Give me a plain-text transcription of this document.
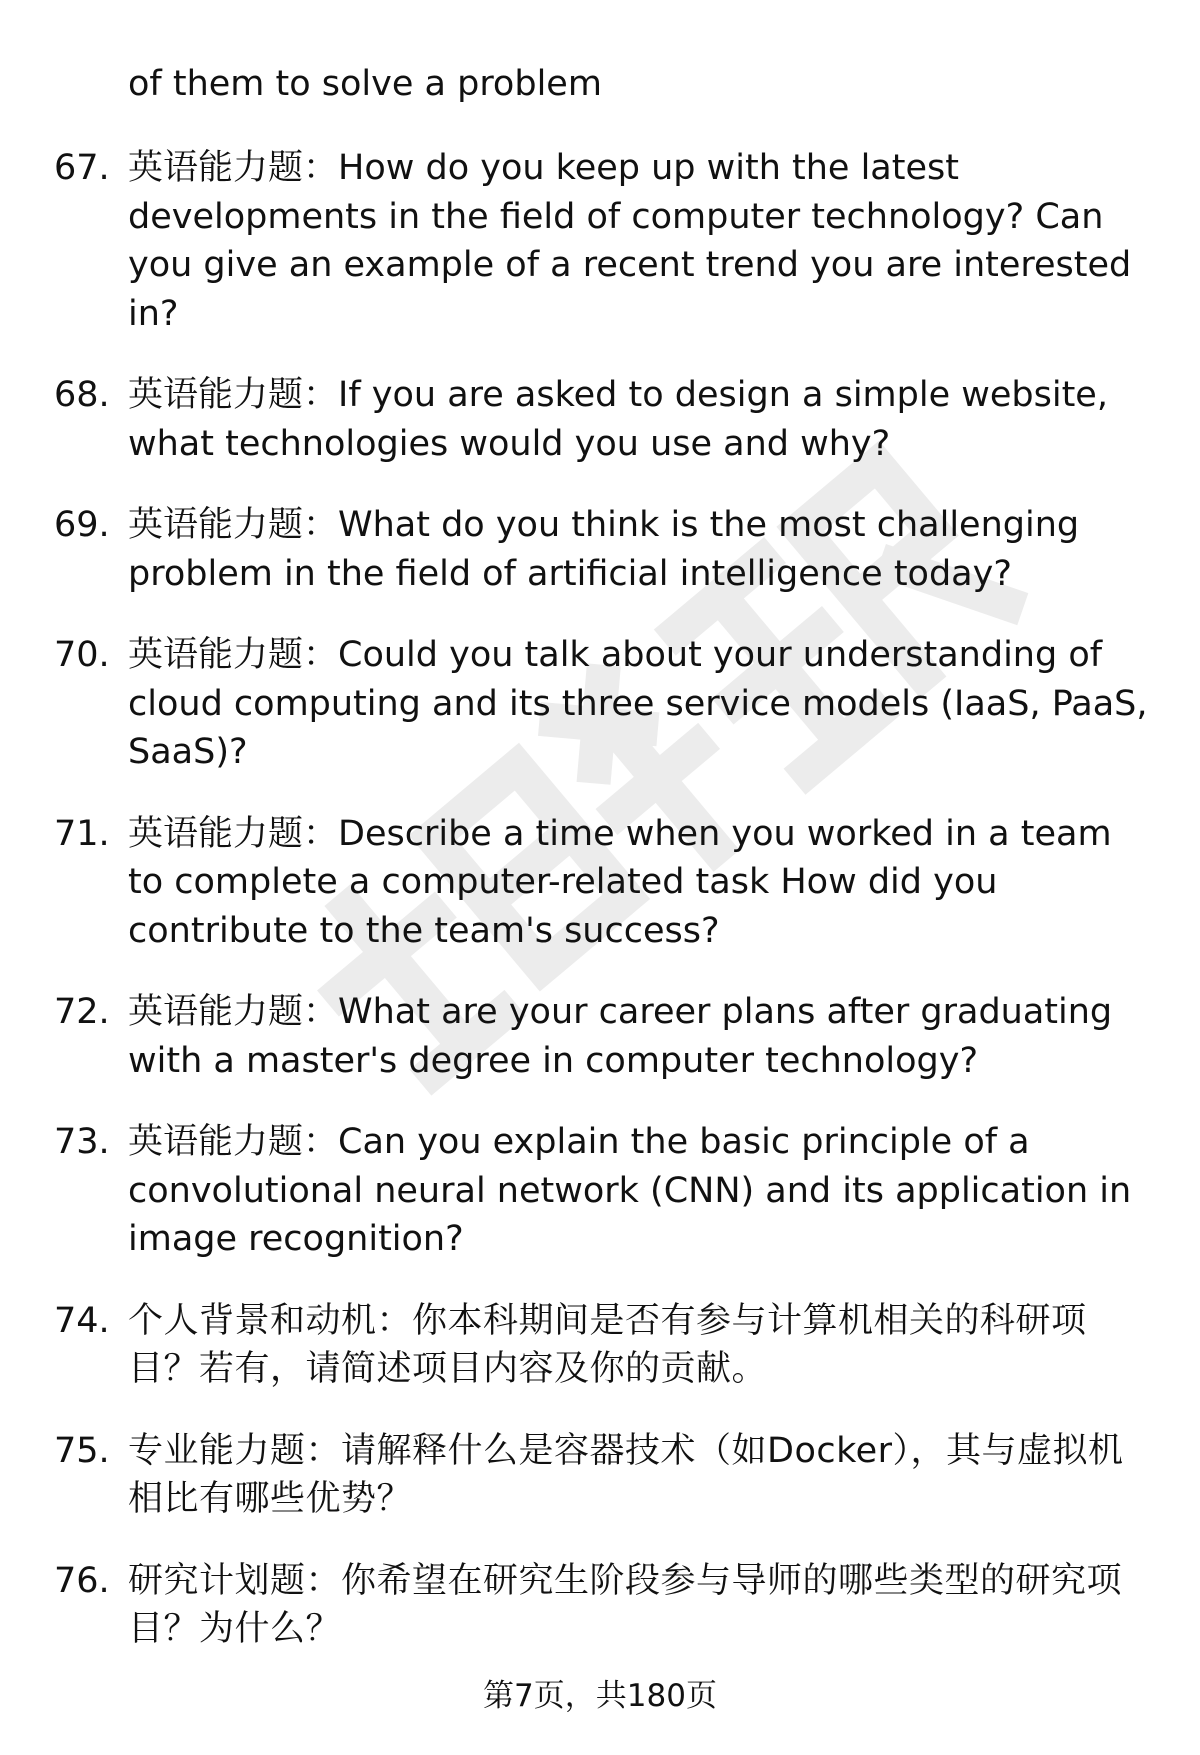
of them to solve a problem
67. 英语能力题：How do you keep up with the latest developments in the field of computer technology? Can you give an example of a recent trend you are interested in?
68. 英语能力题：If you are asked to design a simple website, what technologies would you use and why?
69. 英语能力题：What do you think is the most challenging problem in the field of artificial intelligence today?
70. 英语能力题：Could you talk about your understanding of cloud computing and its three service models (IaaS, PaaS, SaaS)?
71. 英语能力题：Describe a time when you worked in a team to complete a computer-related task How did you contribute to the team's success?
72. 英语能力题：What are your career plans after graduating with a master's degree in computer technology?
73. 英语能力题：Can you explain the basic principle of a convolutional neural network (CNN) and its application in image recognition?
74. 个人背景和动机：你本科期间是否有参与计算机相关的科研项目？若有，请简述项目内容及你的贡献。
75. 专业能力题：请解释什么是容器技术（如Docker），其与虚拟机相比有哪些优势？
76. 研究计划题：你希望在研究生阶段参与导师的哪些类型的研究项目？为什么？
第7页，共180页
